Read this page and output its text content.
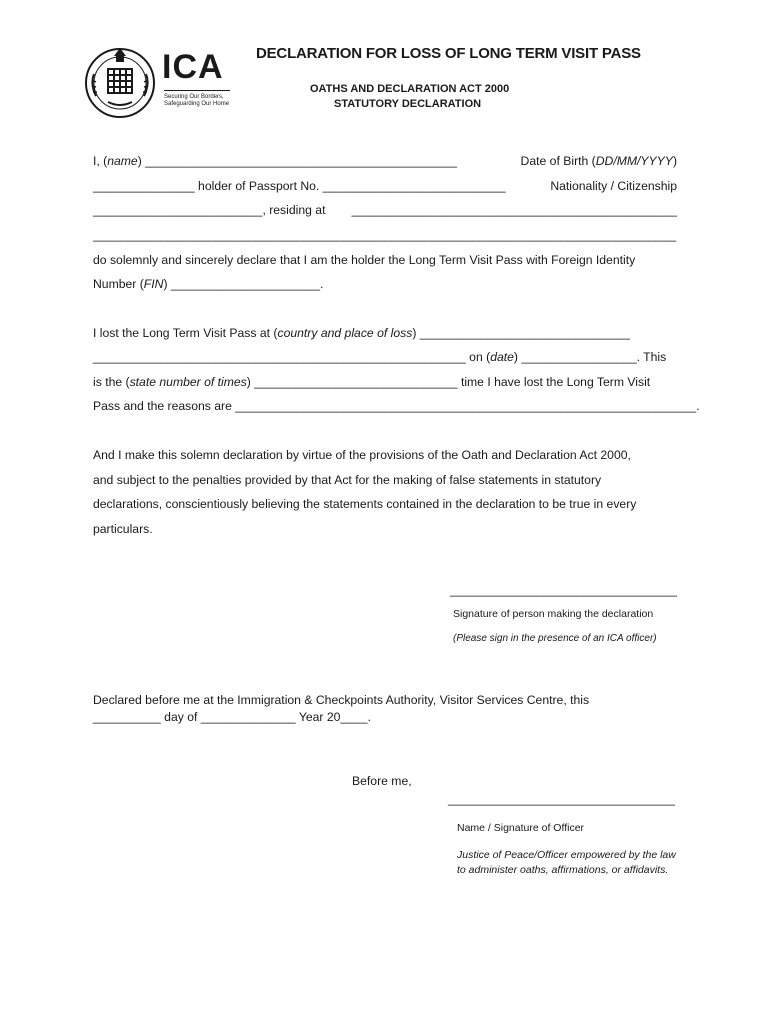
ICA
Securing Our Borders,
Safeguarding Our Home
DECLARATION FOR LOSS OF LONG TERM VISIT PASS
OATHS AND DECLARATION ACT 2000
STATUTORY DECLARATION
I, (name) ______________________________________________	Date of Birth (DD/MM/YYYY)
_______________ holder of Passport No. ___________________________	Nationality / Citizenship
_________________________, residing at ________________________________________________
______________________________________________________________________________________
do solemnly and sincerely declare that I am the holder the Long Term Visit Pass with Foreign Identity
Number (FIN) ______________________.
I lost the Long Term Visit Pass at (country and place of loss) _______________________________
_______________________________________________________ on (date) _________________. This
is the (state number of times) ______________________________ time I have lost the Long Term Visit
Pass and the reasons are ____________________________________________________________________.
And I make this solemn declaration by virtue of the provisions of the Oath and Declaration Act 2000,
and subject to the penalties provided by that Act for the making of false statements in statutory
declarations, conscientiously believing the statements contained in the declaration to be true in every
particulars.
__________________________________
Signature of person making the declaration
(Please sign in the presence of an ICA officer)
Declared before me at the Immigration & Checkpoints Authority, Visitor Services Centre, this
__________ day of ______________ Year 20____.
Before me,
__________________________________
Name / Signature of Officer
Justice of Peace/Officer empowered by the law
to administer oaths, affirmations, or affidavits.
